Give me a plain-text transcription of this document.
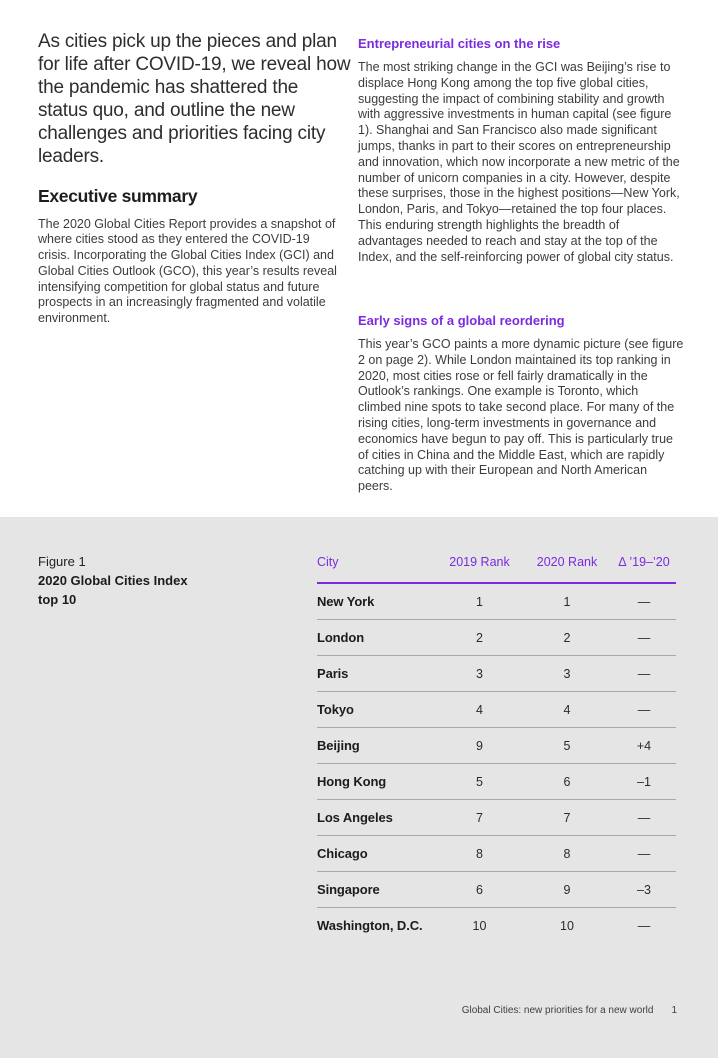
As cities pick up the pieces and plan for life after COVID-19, we reveal how the pandemic has shattered the status quo, and outline the new challenges and priorities facing city leaders.
Executive summary

The 2020 Global Cities Report provides a snapshot of where cities stood as they entered the COVID-19 crisis. Incorporating the Global Cities Index (GCI) and Global Cities Outlook (GCO), this year’s results reveal intensifying competition for global status and future prospects in an increasingly fragmented and volatile environment.

Entrepreneurial cities on the rise

The most striking change in the GCI was Beijing’s rise to displace Hong Kong among the top five global cities, suggesting the impact of combining stability and growth with aggressive investments in human capital (see figure 1). Shanghai and San Francisco also made significant jumps, thanks in part to their scores on entrepreneurship and innovation, which now incorporate a new metric of the number of unicorn companies in a city. However, despite these surprises, those in the highest positions—New York, London, Paris, and Tokyo—retained the top four places. This enduring strength highlights the breadth of advantages needed to reach and stay at the top of the Index, and the self-reinforcing power of global city status.

Early signs of a global reordering

This year’s GCO paints a more dynamic picture (see figure 2 on page 2). While London maintained its top ranking in 2020, most cities rose or fell fairly dramatically in the Outlook’s rankings. One example is Toronto, which climbed nine spots to take second place. For many of the rising cities, long-term investments in governance and economics have begun to pay off. This is particularly true of cities in China and the Middle East, which are rapidly catching up with their European and North American peers.

Figure 1
2020 Global Cities Index
top 10
City	2019 Rank	2020 Rank	Δ ’19–’20
New York	1	1	—
London	2	2	—
Paris	3	3	—
Tokyo	4	4	—
Beijing	9	5	+4
Hong Kong	5	6	–1
Los Angeles	7	7	—
Chicago	8	8	—
Singapore	6	9	–3
Washington, D.C.	10	10	—
Global Cities: new priorities for a new world 1
